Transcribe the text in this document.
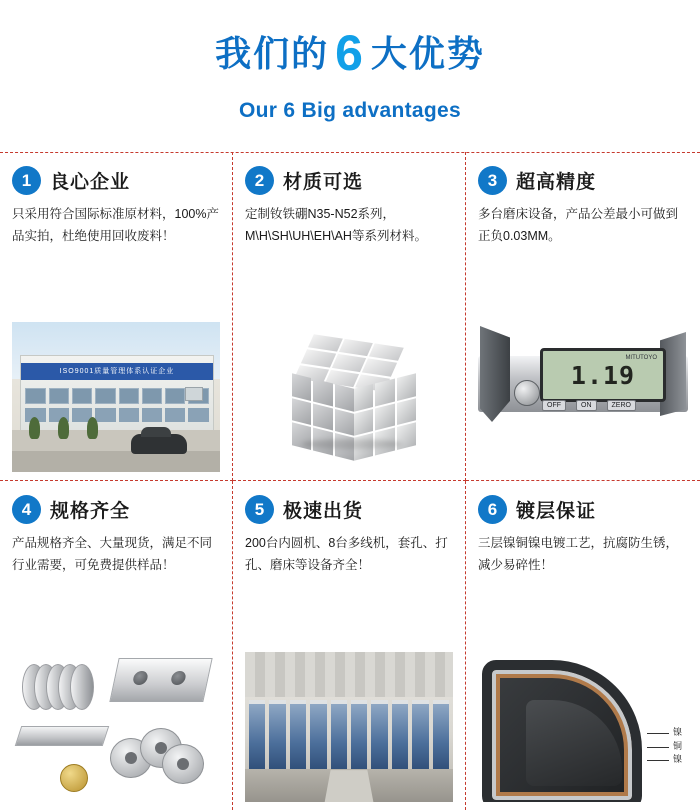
我们的 6 大优势
Our 6 Big advantages
1 良心企业

只采用符合国际标准原材料，100%产品实拍，杜绝使用回收废料！

ISO9001质量管理体系认证企业
2 材质可选

定制钕铁硼N35-N52系列，M\H\SH\UH\EH\AH等系列材料。

3 超高精度

多台磨床设备，产品公差最小可做到正负0.03MM。

MITUTOYO
1.19
OFF	ON	ZERO
4 规格齐全

产品规格齐全、大量现货，满足不同行业需要，可免费提供样品！

5 极速出货

200台内圆机、8台多线机，套孔、打孔、磨床等设备齐全！

6 镀层保证

三层镍铜镍电镀工艺，抗腐防生锈，减少易碎性！

镍
铜
镍
